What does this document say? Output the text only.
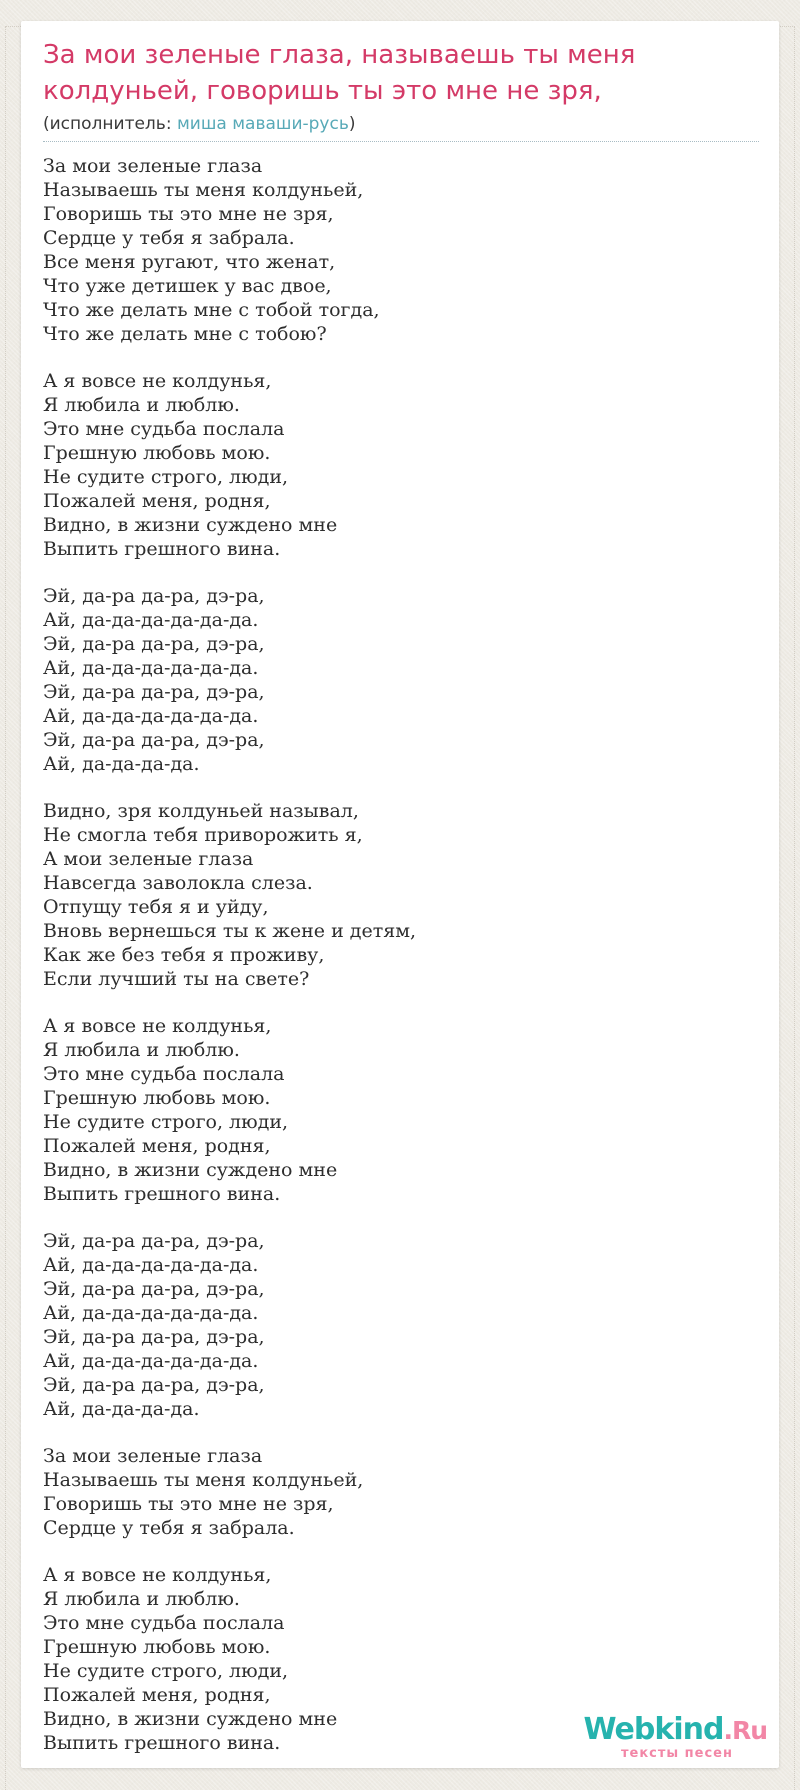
За мои зеленые глаза, называешь ты меня колдуньей, говоришь ты это мне не зря,
(исполнитель: миша маваши-русь)
За мои зеленые глаза
Называешь ты меня колдуньей,
Говоришь ты это мне не зря,
Сердце у тебя я забрала.
Все меня ругают, что женат,
Что уже детишек у вас двое,
Что же делать мне с тобой тогда,
Что же делать мне с тобою?
А я вовсе не колдунья,
Я любила и люблю.
Это мне судьба послала
Грешную любовь мою.
Не судите строго, люди,
Пожалей меня, родня,
Видно, в жизни суждено мне
Выпить грешного вина.
Эй, да-ра да-ра, дэ-ра,
Ай, да-да-да-да-да-да.
Эй, да-ра да-ра, дэ-ра,
Ай, да-да-да-да-да-да.
Эй, да-ра да-ра, дэ-ра,
Ай, да-да-да-да-да-да.
Эй, да-ра да-ра, дэ-ра,
Ай, да-да-да-да.
Видно, зря колдуньей называл,
Не смогла тебя приворожить я,
А мои зеленые глаза
Навсегда заволокла слеза.
Отпущу тебя я и уйду,
Вновь вернешься ты к жене и детям,
Как же без тебя я проживу,
Если лучший ты на свете?
А я вовсе не колдунья,
Я любила и люблю.
Это мне судьба послала
Грешную любовь мою.
Не судите строго, люди,
Пожалей меня, родня,
Видно, в жизни суждено мне
Выпить грешного вина.
Эй, да-ра да-ра, дэ-ра,
Ай, да-да-да-да-да-да.
Эй, да-ра да-ра, дэ-ра,
Ай, да-да-да-да-да-да.
Эй, да-ра да-ра, дэ-ра,
Ай, да-да-да-да-да-да.
Эй, да-ра да-ра, дэ-ра,
Ай, да-да-да-да.
За мои зеленые глаза
Называешь ты меня колдуньей,
Говоришь ты это мне не зря,
Сердце у тебя я забрала.
А я вовсе не колдунья,
Я любила и люблю.
Это мне судьба послала
Грешную любовь мою.
Не судите строго, люди,
Пожалей меня, родня,
Видно, в жизни суждено мне
Выпить грешного вина.	Webkind.Ru
тексты песен
